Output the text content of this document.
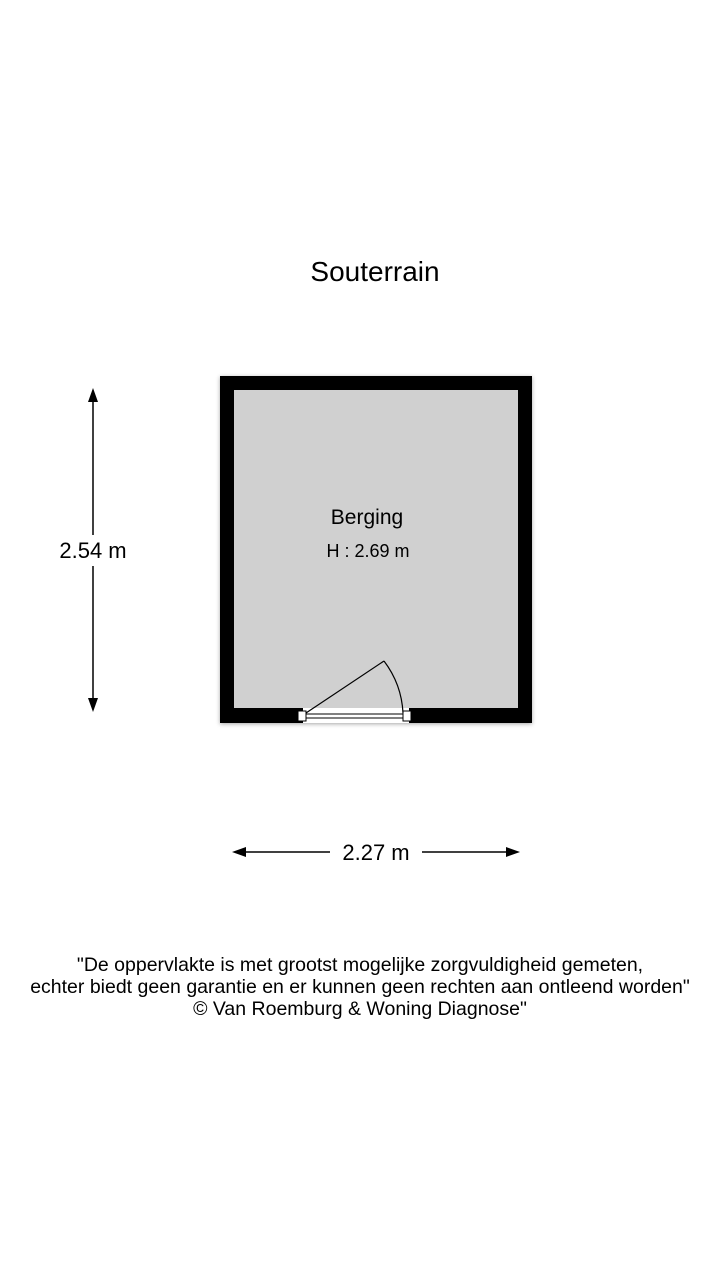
Souterrain
2.54 m
2.27 m
Berging
H : 2.69 m
"De oppervlakte is met grootst mogelijke zorgvuldigheid gemeten,
echter biedt geen garantie en er kunnen geen rechten aan ontleend worden"
© Van Roemburg & Woning Diagnose"
